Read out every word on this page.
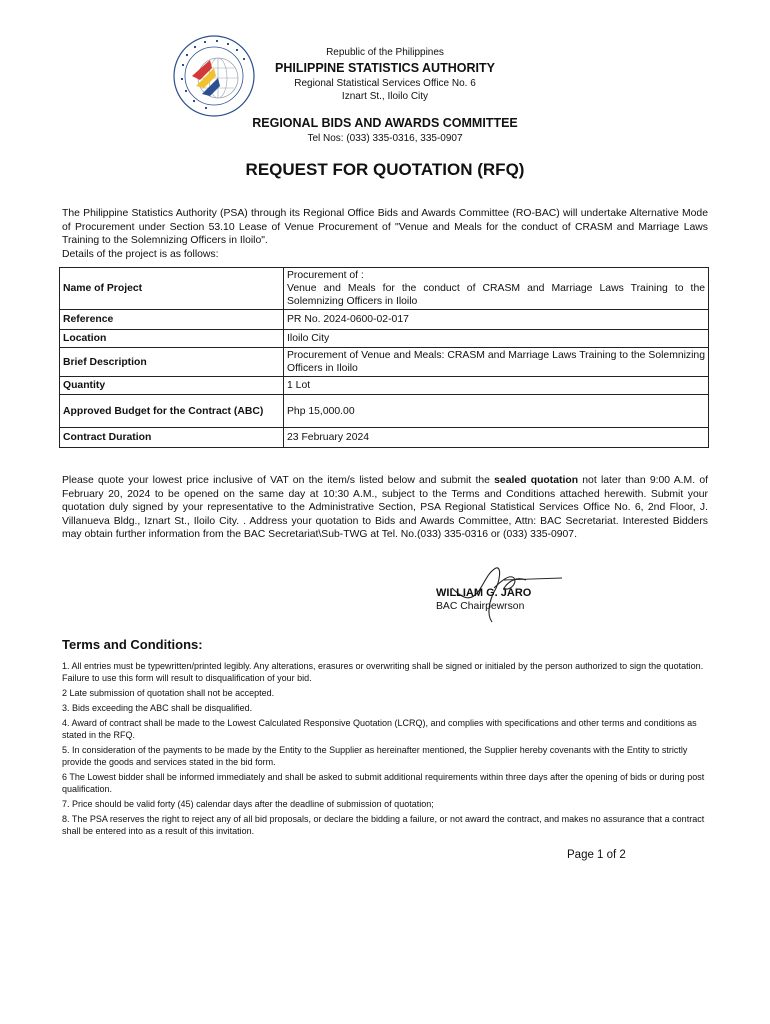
Republic of the Philippines
PHILIPPINE STATISTICS AUTHORITY
Regional Statistical Services Office No. 6
Iznart St., Iloilo City
REGIONAL BIDS AND AWARDS COMMITTEE
Tel Nos: (033) 335-0316, 335-0907
REQUEST FOR QUOTATION (RFQ)

The Philippine Statistics Authority (PSA) through its Regional Office Bids and Awards Committee (RO-BAC) will undertake Alternative Mode of Procurement under Section 53.10 Lease of Venue Procurement of "Venue and Meals for the conduct of CRASM and Marriage Laws Training to the Solemnizing Officers in Iloilo".

Details of the project is as follows:

Name of Project	Procurement of :
Venue and Meals for the conduct of CRASM and Marriage Laws Training to the Solemnizing Officers in Iloilo

Reference	PR No. 2024-0600-02-017
Location	Iloilo City
Brief Description	Procurement of Venue and Meals: CRASM and Marriage Laws Training to the Solemnizing Officers in Iloilo
Quantity	1 Lot
Approved Budget for the Contract (ABC)	Php 15,000.00
Contract Duration	23 February 2024
Please quote your lowest price inclusive of VAT on the item/s listed below and submit the sealed quotation not later than 9:00 A.M. of February 20, 2024 to be opened on the same day at 10:30 A.M., subject to the Terms and Conditions attached herewith. Submit your quotation duly signed by your representative to the Administrative Section, PSA Regional Statistical Services Office No. 6, 2nd Floor, J. Villanueva Bldg., Iznart St., Iloilo City. . Address your quotation to Bids and Awards Committee, Attn: BAC Secretariat. Interested Bidders may obtain further information from the BAC Secretariat\Sub-TWG at Tel. No.(033) 335-0316 or (033) 335-0907.
WILLIAM G. JARO
BAC Chairpewrson
Terms and Conditions:

1. All entries must be typewritten/printed legibly. Any alterations, erasures or overwriting shall be signed or initialed by the person authorized to sign the quotation. Failure to use this form will result to disqualification of your bid.

2 Late submission of quotation shall not be accepted.

3. Bids exceeding the ABC shall be disqualified.

4. Award of contract shall be made to the Lowest Calculated Responsive Quotation (LCRQ), and complies with specifications and other terms and conditions as stated in the RFQ.

5. In consideration of the payments to be made by the Entity to the Supplier as hereinafter mentioned, the Supplier hereby covenants with the Entity to strictly provide the goods and services stated in the bid form.

6 The Lowest bidder shall be informed immediately and shall be asked to submit additional requirements within three days after the opening of bids or during post qualification.

7. Price should be valid forty (45) calendar days after the deadline of submission of quotation;

8. The PSA reserves the right to reject any of all bid proposals, or declare the bidding a failure, or not award the contract, and makes no assurance that a contract shall be entered into as a result of this invitation.

Page 1 of 2
